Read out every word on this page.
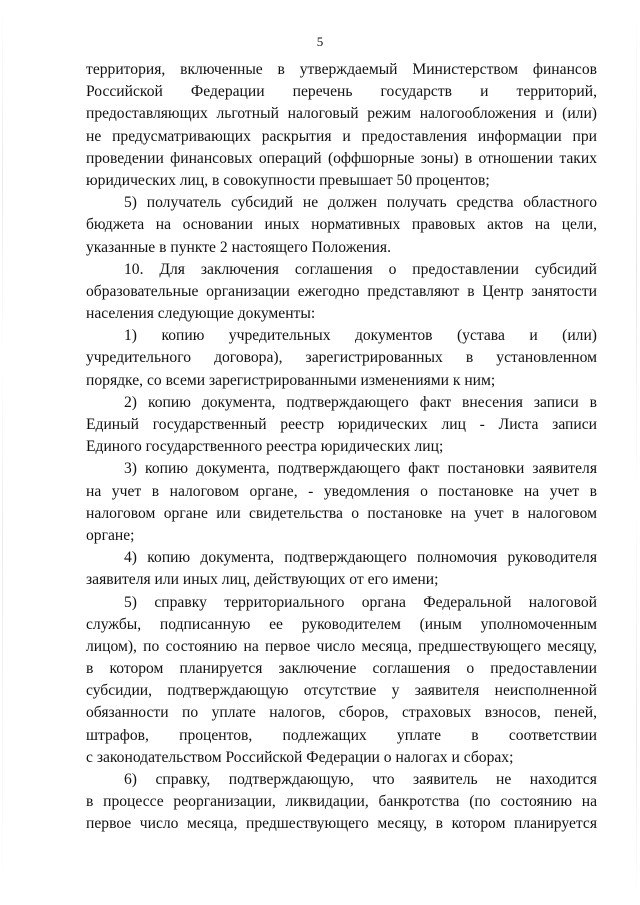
5
территория, включенные в утверждаемый Министерством финансов
Российской Федерации перечень государств и территорий,
предоставляющих льготный налоговый режим налогообложения и (или)
не предусматривающих раскрытия и предоставления информации при
проведении финансовых операций (оффшорные зоны) в отношении таких
юридических лиц, в совокупности превышает 50 процентов;
5) получатель субсидий не должен получать средства областного
бюджета на основании иных нормативных правовых актов на цели,
указанные в пункте 2 настоящего Положения.
10. Для заключения соглашения о предоставлении субсидий
образовательные организации ежегодно представляют в Центр занятости
населения следующие документы:
1) копию учредительных документов (устава и (или)
учредительного договора), зарегистрированных в установленном
порядке, со всеми зарегистрированными изменениями к ним;
2) копию документа, подтверждающего факт внесения записи в
Единый государственный реестр юридических лиц - Листа записи
Единого государственного реестра юридических лиц;
3) копию документа, подтверждающего факт постановки заявителя
на учет в налоговом органе, - уведомления о постановке на учет в
налоговом органе или свидетельства о постановке на учет в налоговом
органе;
4) копию документа, подтверждающего полномочия руководителя
заявителя или иных лиц, действующих от его имени;
5) справку территориального органа Федеральной налоговой
службы, подписанную ее руководителем (иным уполномоченным
лицом), по состоянию на первое число месяца, предшествующего месяцу,
в котором планируется заключение соглашения о предоставлении
субсидии, подтверждающую отсутствие у заявителя неисполненной
обязанности по уплате налогов, сборов, страховых взносов, пеней,
штрафов, процентов, подлежащих уплате в соответствии
с законодательством Российской Федерации о налогах и сборах;
6) справку, подтверждающую, что заявитель не находится
в процессе реорганизации, ликвидации, банкротства (по состоянию на
первое число месяца, предшествующего месяцу, в котором планируется
